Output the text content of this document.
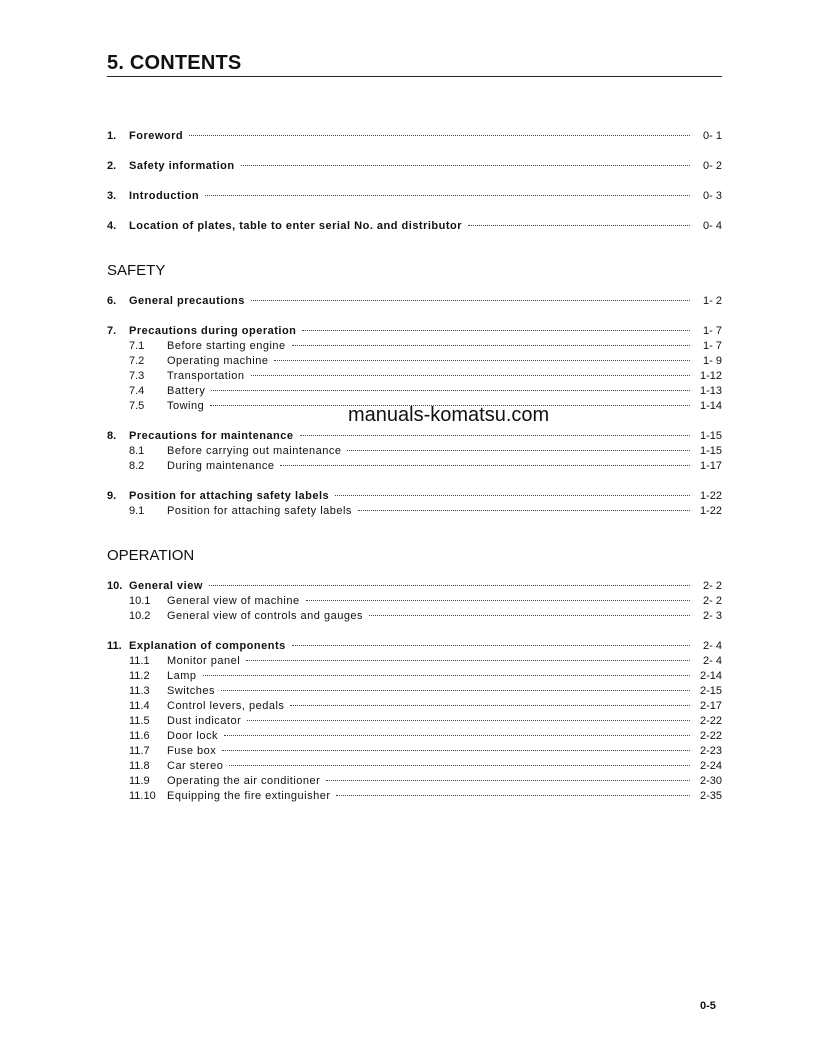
5. CONTENTS
1.	Foreword	0- 1
2.	Safety information	0- 2
3.	Introduction	0- 3
4.	Location of plates, table to enter serial No. and distributor	0- 4
SAFETY
6.	General precautions	1- 2
7.	Precautions during operation	1- 7
7.1	Before starting engine	1- 7
7.2	Operating machine	1- 9
7.3	Transportation	1-12
7.4	Battery	1-13
7.5	Towing	1-14
8.	Precautions for maintenance	1-15
8.1	Before carrying out maintenance	1-15
8.2	During maintenance	1-17
9.	Position for attaching safety labels	1-22
9.1	Position for attaching safety labels	1-22
OPERATION
10. General view	2- 2
10.1	General view of machine	2- 2
10.2	General view of controls and gauges	2- 3
11. Explanation of components	2- 4
11.1	Monitor panel	2- 4
11.2	Lamp	2-14
11.3	Switches	2-15
11.4	Control levers, pedals	2-17
11.5	Dust indicator	2-22
11.6	Door lock	2-22
11.7	Fuse box	2-23
11.8	Car stereo	2-24
11.9	Operating the air conditioner	2-30
11.10	Equipping the fire extinguisher	2-35
manuals-komatsu.com
0-5
